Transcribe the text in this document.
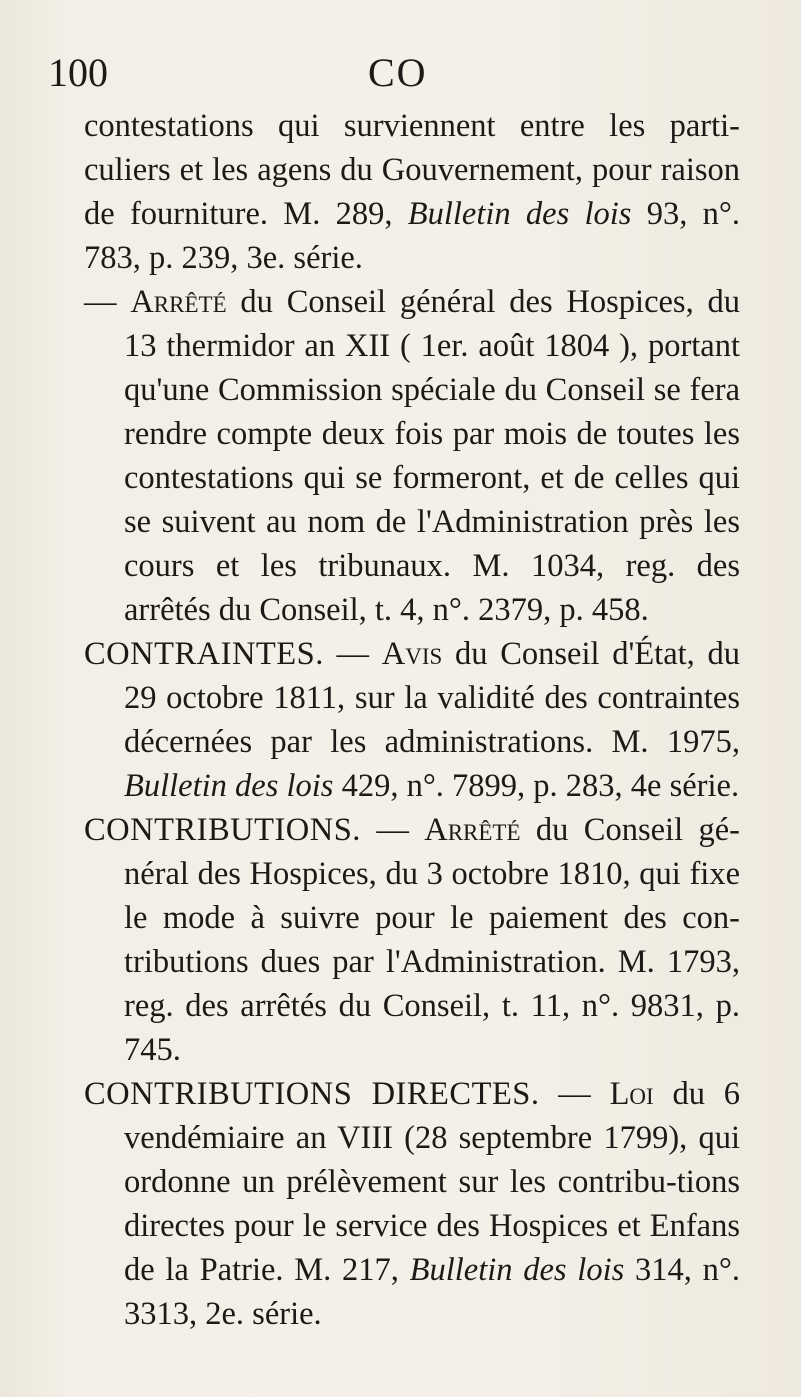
100	CO

contestations qui surviennent entre les parti-culiers et les agens du Gouvernement, pour raison de fourniture. M. 289, Bulletin des lois 93, n°. 783, p. 239, 3e. série.

— Arrêté du Conseil général des Hospices, du 13 thermidor an XII ( 1er. août 1804 ), portant qu'une Commission spéciale du Conseil se fera rendre compte deux fois par mois de toutes les contestations qui se formeront, et de celles qui se suivent au nom de l'Administration près les cours et les tribunaux. M. 1034, reg. des arrêtés du Conseil, t. 4, n°. 2379, p. 458.

CONTRAINTES. — Avis du Conseil d'État, du 29 octobre 1811, sur la validité des contraintes décernées par les administrations. M. 1975, Bulletin des lois 429, n°. 7899, p. 283, 4e série.

CONTRIBUTIONS. — Arrêté du Conseil gé-néral des Hospices, du 3 octobre 1810, qui fixe le mode à suivre pour le paiement des con-tributions dues par l'Administration. M. 1793, reg. des arrêtés du Conseil, t. 11, n°. 9831, p. 745.

CONTRIBUTIONS DIRECTES. — Loi du 6 vendémiaire an VIII (28 septembre 1799), qui ordonne un prélèvement sur les contribu-tions directes pour le service des Hospices et Enfans de la Patrie. M. 217, Bulletin des lois 314, n°. 3313, 2e. série.
